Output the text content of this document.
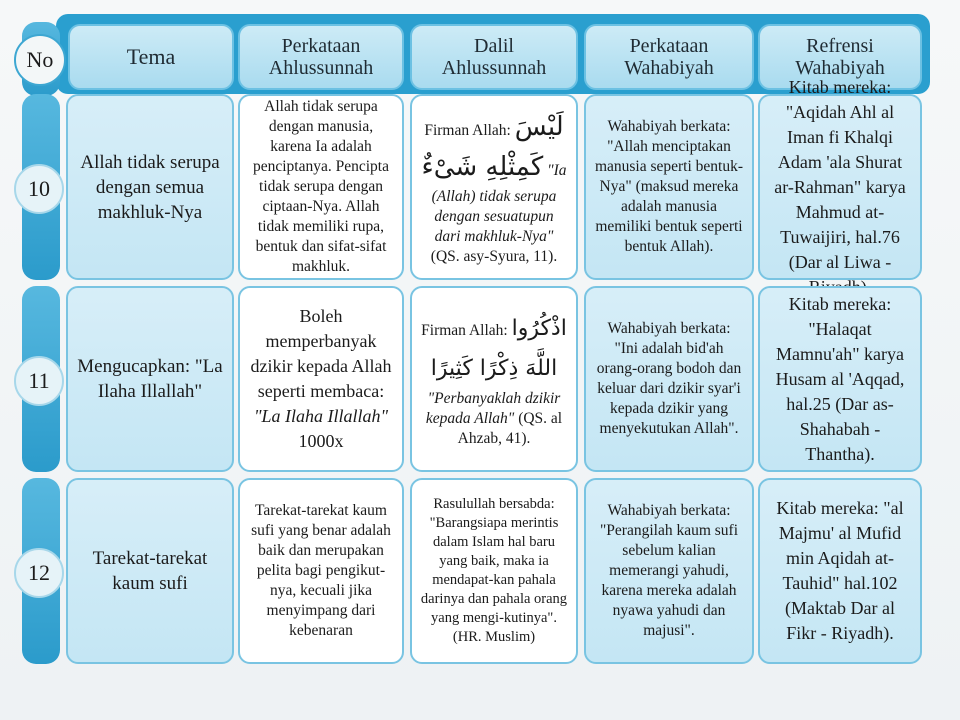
No	Tema	Perkataan Ahlussunnah
Dalil Ahlussunnah
Perkataan Wahabiyah
Refrensi Wahabiyah
10
Allah tidak serupa dengan semua makhluk-Nya
Allah tidak serupa dengan manusia, karena Ia adalah penciptanya. Pencipta tidak serupa dengan ciptaan-Nya. Allah tidak memiliki rupa, bentuk dan sifat-sifat makhluk.
Firman Allah: لَيْسَ كَمِثْلِهِ شَىْءٌ "Ia (Allah) tidak serupa dengan sesuatupun dari makhluk-Nya" (QS. asy-Syura, 11).
Wahabiyah berkata: "Allah menciptakan manusia seperti bentuk-Nya" (maksud mereka adalah manusia memiliki bentuk seperti bentuk Allah).
Kitab mereka: "Aqidah Ahl al Iman fi Khalqi Adam 'ala Shurat ar-Rahman" karya Mahmud at-Tuwaijiri, hal.76 (Dar al Liwa -
11
Mengucapkan: "La Ilaha Illallah"
Boleh memperbanyak dzikir kepada Allah seperti membaca: "La Ilaha Illallah" 1000x
Firman Allah: اذْكُرُوا اللَّهَ ذِكْرًا كَثِيرًا "Perbanyaklah dzikir kepada Allah" (QS. al Ahzab, 41).
Wahabiyah berkata: "Ini adalah bid'ah orang-orang bodoh dan keluar dari dzikir syar'i kepada dzikir yang menyekutukan Allah".
Kitab mereka: "Halaqat Mamnu'ah" karya Husam al 'Aqqad, hal.25 (Dar as-Shahabah - Thantha).
12
Tarekat-tarekat kaum sufi
Tarekat-tarekat kaum sufi yang benar adalah baik dan merupakan pelita bagi pengikut-nya, kecuali jika menyimpang dari kebenaran
Rasulullah bersabda: "Barangsiapa merintis dalam Islam hal baru yang baik, maka ia mendapat-kan pahala darinya dan pahala orang yang mengi-kutinya". (HR. Muslim)
Wahabiyah berkata: "Perangilah kaum sufi sebelum kalian memerangi yahudi, karena mereka adalah nyawa yahudi dan majusi".
Kitab mereka: "al Majmu' al Mufid min Aqidah at-Tauhid" hal.102 (Maktab Dar al Fikr - Riyadh).
